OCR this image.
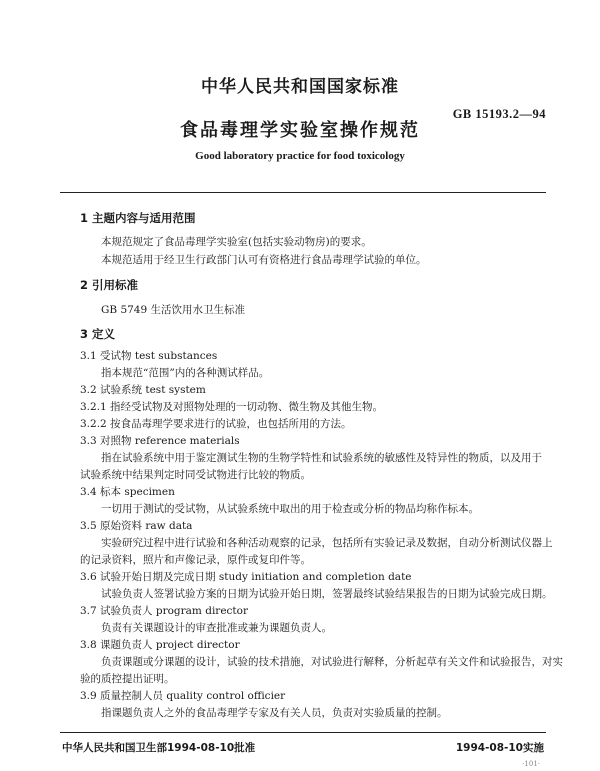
中华人民共和国国家标准
GB 15193.2—94
食品毒理学实验室操作规范
Good laboratory practice for food toxicology
1 主题内容与适用范围
本规范规定了食品毒理学实验室(包括实验动物房)的要求。
本规范适用于经卫生行政部门认可有资格进行食品毒理学试验的单位。
2 引用标准
GB 5749 生活饮用水卫生标准
3 定义
3.1 受试物 test substances
指本规范“范围”内的各种测试样品。
3.2 试验系统 test system
3.2.1 指经受试物及对照物处理的一切动物、微生物及其他生物。
3.2.2 按食品毒理学要求进行的试验，也包括所用的方法。
3.3 对照物 reference materials
指在试验系统中用于鉴定测试生物的生物学特性和试验系统的敏感性及特异性的物质，以及用于
试验系统中结果判定时同受试物进行比较的物质。
3.4 标本 specimen
一切用于测试的受试物，从试验系统中取出的用于检查或分析的物品均称作标本。
3.5 原始资料 raw data
实验研究过程中进行试验和各种活动观察的记录，包括所有实验记录及数据，自动分析测试仪器上
的记录资料，照片和声像记录，原件或复印件等。
3.6 试验开始日期及完成日期 study initiation and completion date
试验负责人签署试验方案的日期为试验开始日期，签署最终试验结果报告的日期为试验完成日期。
3.7 试验负责人 program director
负责有关课题设计的审查批准或兼为课题负责人。
3.8 课题负责人 project director
负责课题或分课题的设计，试验的技术措施，对试验进行解释，分析起草有关文件和试验报告，对实
验的质控提出证明。
3.9 质量控制人员 quality control officier
指课题负责人之外的食品毒理学专家及有关人员，负责对实验质量的控制。
中华人民共和国卫生部1994-08-10批准	1994-08-10实施
·101·
